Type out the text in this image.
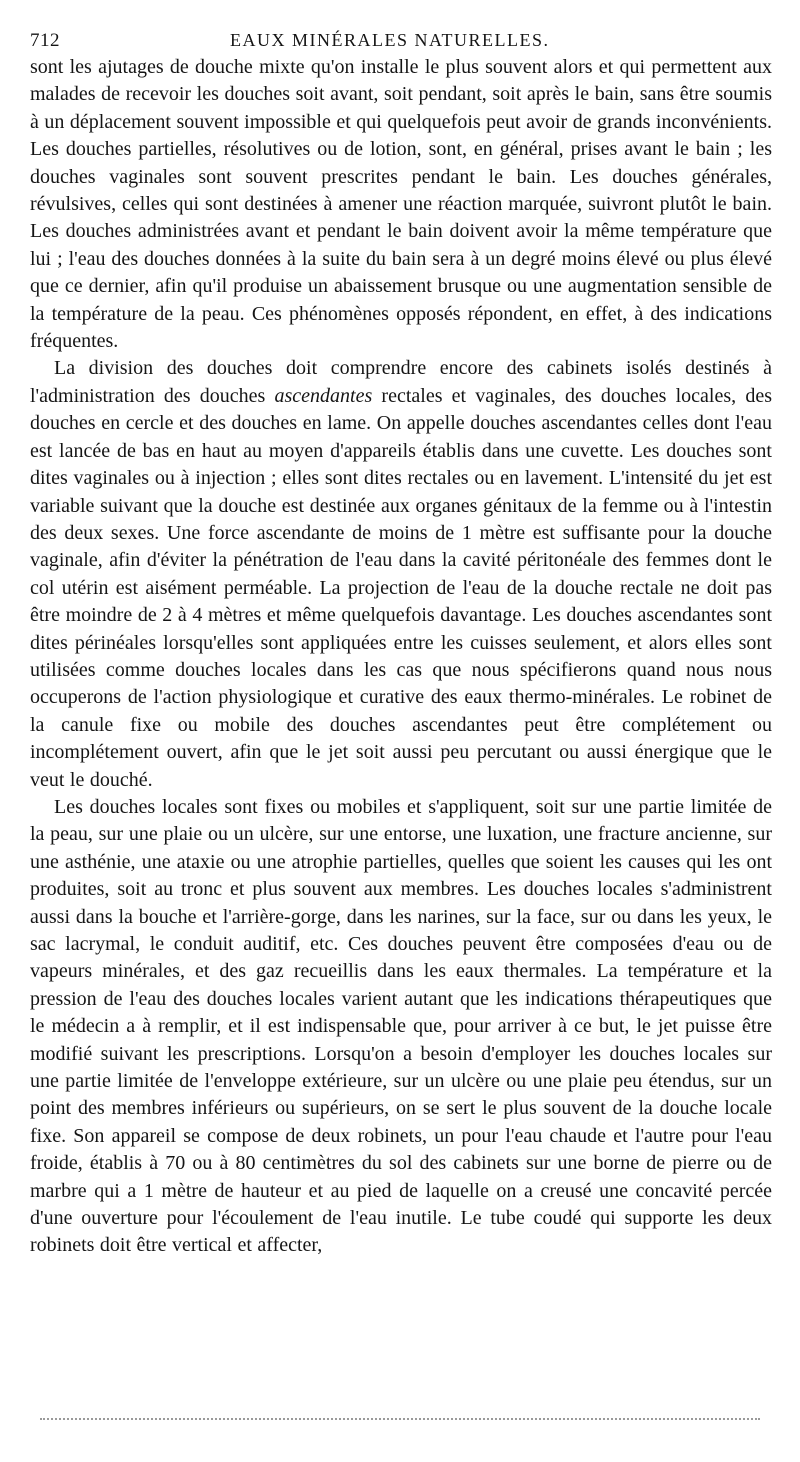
712	EAUX MINÉRALES NATURELLES.

sont les ajutages de douche mixte qu'on installe le plus souvent alors et qui permettent aux malades de recevoir les douches soit avant, soit pendant, soit après le bain, sans être soumis à un déplacement souvent impossible et qui quelquefois peut avoir de grands inconvénients. Les douches partielles, résolutives ou de lotion, sont, en général, prises avant le bain ; les douches vaginales sont souvent prescrites pendant le bain. Les douches générales, révulsives, celles qui sont destinées à amener une réaction marquée, suivront plutôt le bain. Les douches administrées avant et pendant le bain doivent avoir la même température que lui ; l'eau des douches données à la suite du bain sera à un degré moins élevé ou plus élevé que ce dernier, afin qu'il produise un abaissement brusque ou une augmentation sensible de la température de la peau. Ces phénomènes opposés répondent, en effet, à des indications fréquentes.

La division des douches doit comprendre encore des cabinets isolés destinés à l'administration des douches ascendantes rectales et vaginales, des douches locales, des douches en cercle et des douches en lame. On appelle douches ascendantes celles dont l'eau est lancée de bas en haut au moyen d'appareils établis dans une cuvette. Les douches sont dites vaginales ou à injection ; elles sont dites rectales ou en lavement. L'intensité du jet est variable suivant que la douche est destinée aux organes génitaux de la femme ou à l'intestin des deux sexes. Une force ascendante de moins de 1 mètre est suffisante pour la douche vaginale, afin d'éviter la pénétration de l'eau dans la cavité péritonéale des femmes dont le col utérin est aisément perméable. La projection de l'eau de la douche rectale ne doit pas être moindre de 2 à 4 mètres et même quelquefois davantage. Les douches ascendantes sont dites périnéales lorsqu'elles sont appliquées entre les cuisses seulement, et alors elles sont utilisées comme douches locales dans les cas que nous spécifierons quand nous nous occuperons de l'action physiologique et curative des eaux thermo-minérales. Le robinet de la canule fixe ou mobile des douches ascendantes peut être complétement ou incomplétement ouvert, afin que le jet soit aussi peu percutant ou aussi énergique que le veut le douché.

Les douches locales sont fixes ou mobiles et s'appliquent, soit sur une partie limitée de la peau, sur une plaie ou un ulcère, sur une entorse, une luxation, une fracture ancienne, sur une asthénie, une ataxie ou une atrophie partielles, quelles que soient les causes qui les ont produites, soit au tronc et plus souvent aux membres. Les douches locales s'administrent aussi dans la bouche et l'arrière-gorge, dans les narines, sur la face, sur ou dans les yeux, le sac lacrymal, le conduit auditif, etc. Ces douches peuvent être composées d'eau ou de vapeurs minérales, et des gaz recueillis dans les eaux thermales. La température et la pression de l'eau des douches locales varient autant que les indications thérapeutiques que le médecin a à remplir, et il est indispensable que, pour arriver à ce but, le jet puisse être modifié suivant les prescriptions. Lorsqu'on a besoin d'employer les douches locales sur une partie limitée de l'enveloppe extérieure, sur un ulcère ou une plaie peu étendus, sur un point des membres inférieurs ou supérieurs, on se sert le plus souvent de la douche locale fixe. Son appareil se compose de deux robinets, un pour l'eau chaude et l'autre pour l'eau froide, établis à 70 ou à 80 centimètres du sol des cabinets sur une borne de pierre ou de marbre qui a 1 mètre de hauteur et au pied de laquelle on a creusé une concavité percée d'une ouverture pour l'écoulement de l'eau inutile. Le tube coudé qui supporte les deux robinets doit être vertical et affecter,
